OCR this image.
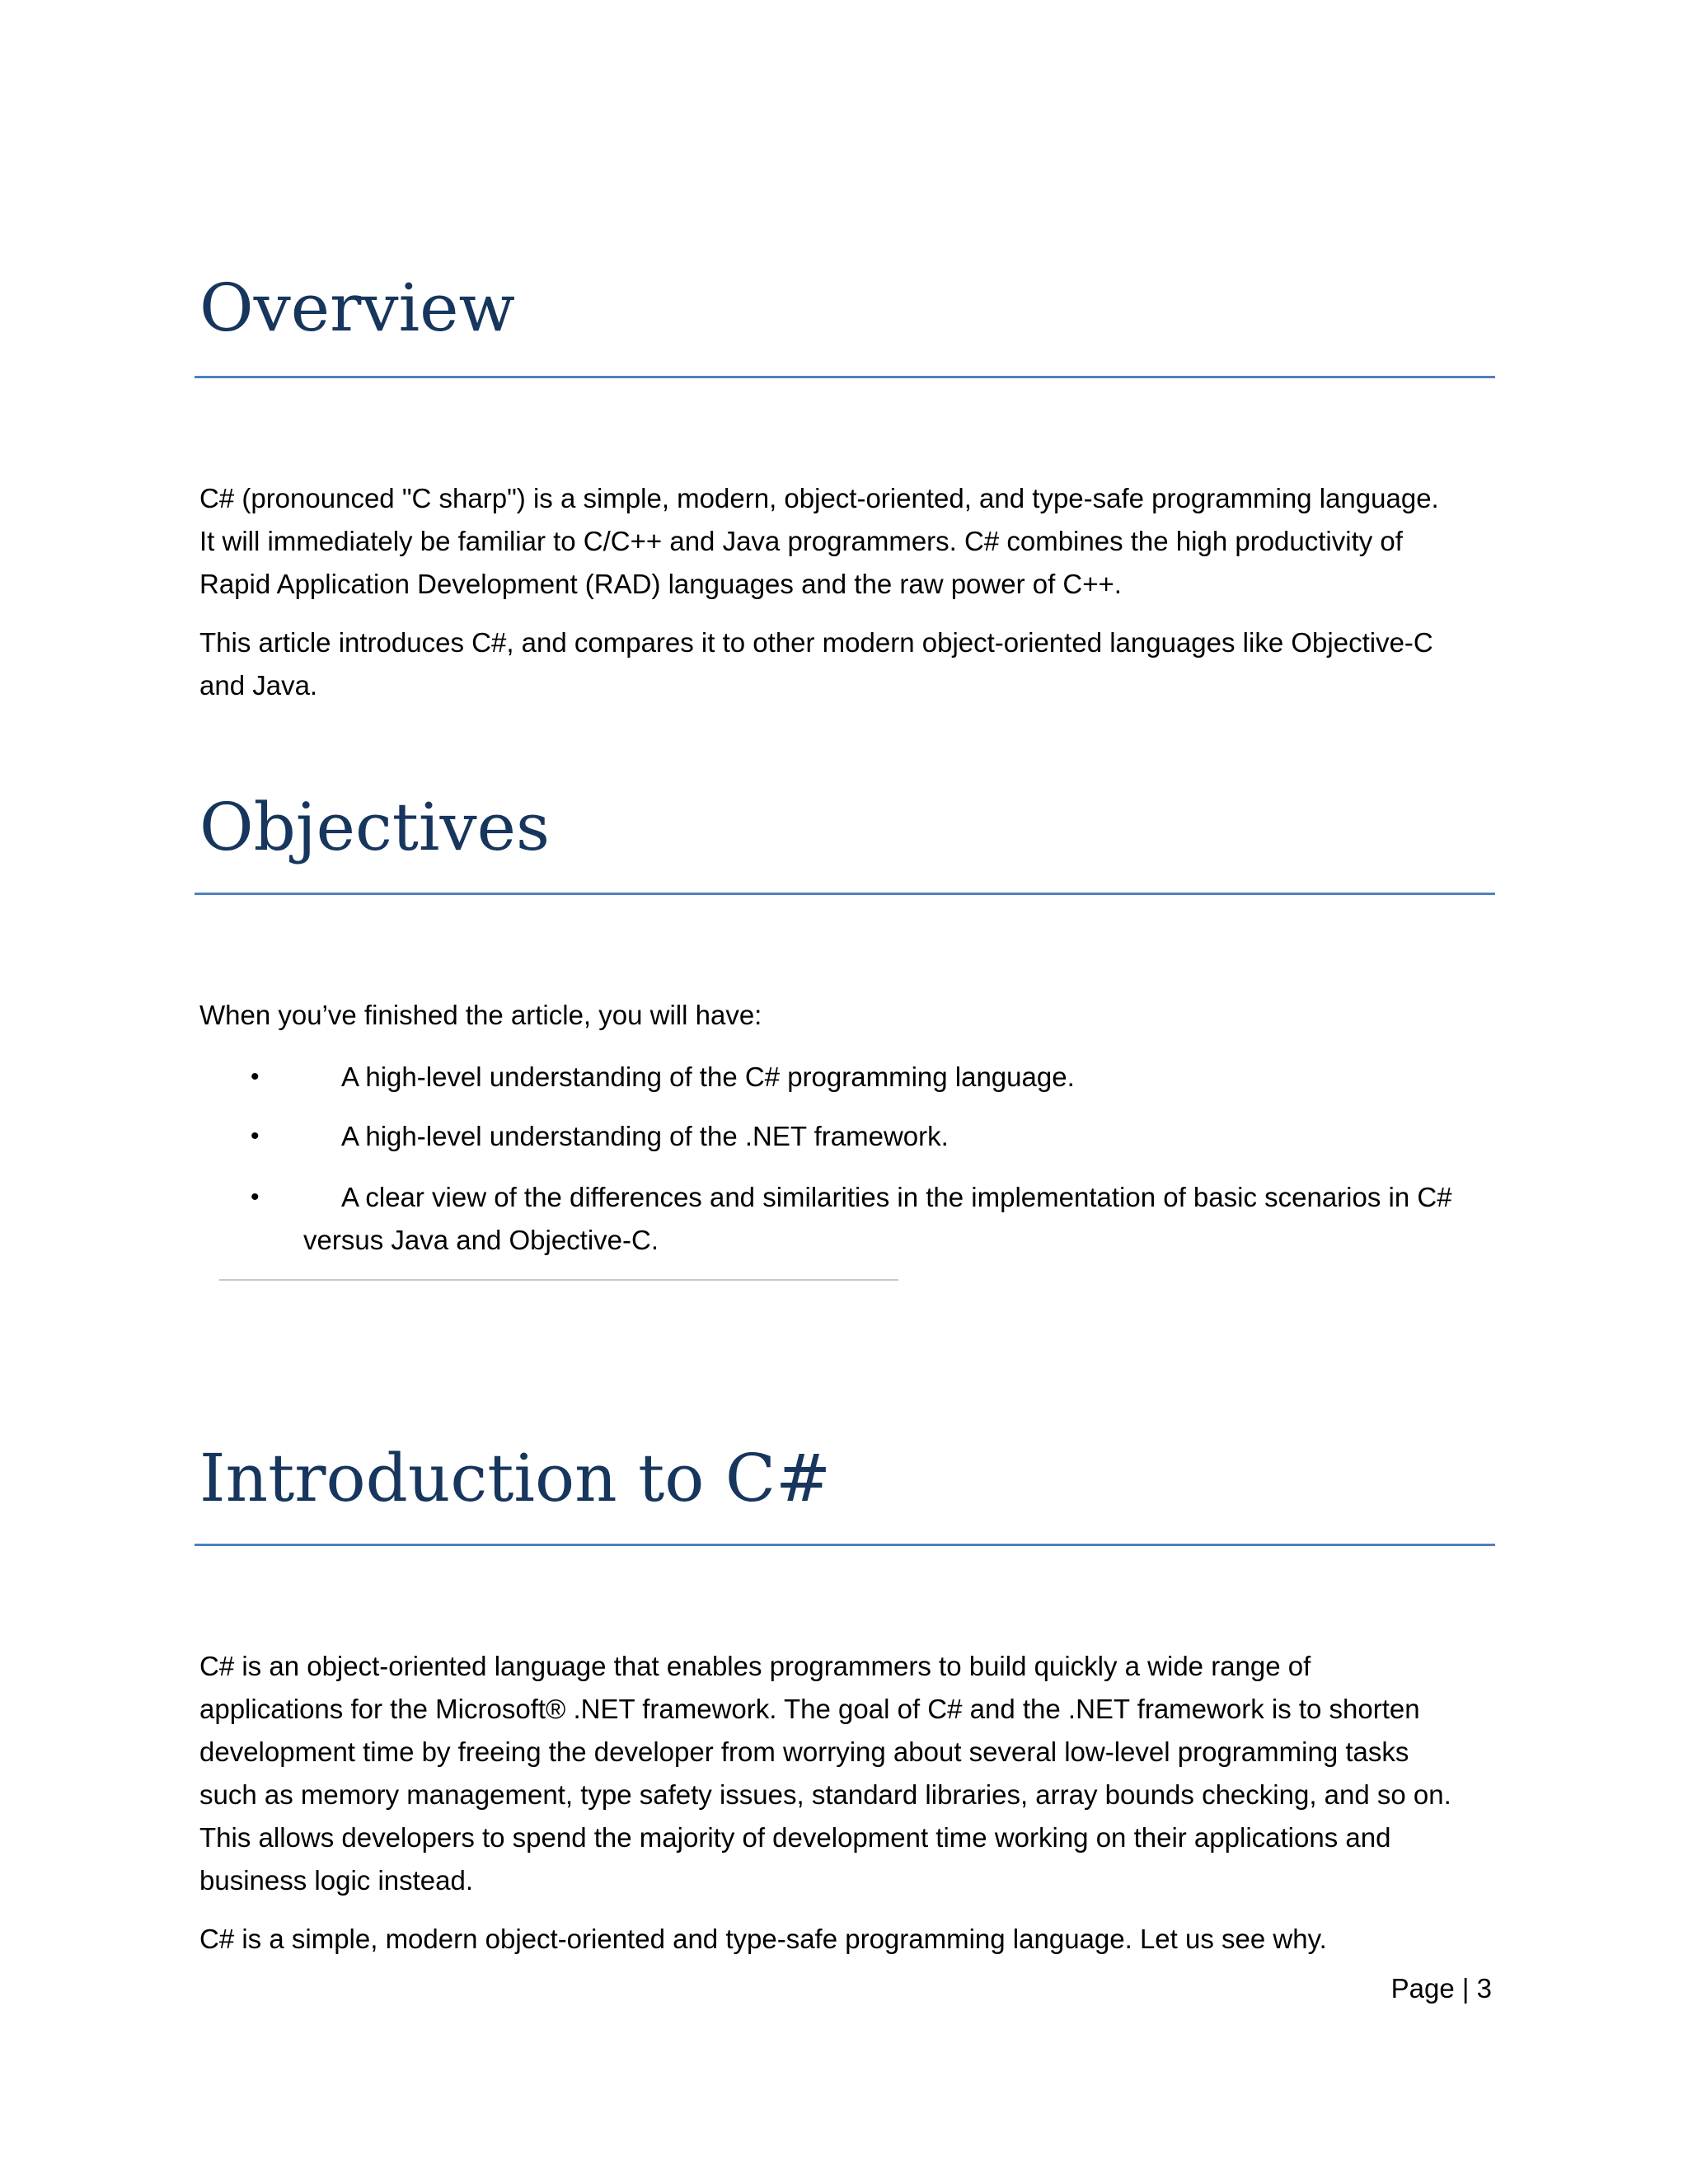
Overview
C# (pronounced "C sharp") is a simple, modern, object-oriented, and type-safe programming language.
It will immediately be familiar to C/C++ and Java programmers. C# combines the high productivity of
Rapid Application Development (RAD) languages and the raw power of C++.
This article introduces C#, and compares it to other modern object-oriented languages like Objective-C
and Java.
Objectives
When you’ve finished the article, you will have:
•	A high-level understanding of the C# programming language.
•	A high-level understanding of the .NET framework.
•	A clear view of the differences and similarities in the implementation of basic scenarios in C#
versus Java and Objective-C.
Introduction to C#
C# is an object-oriented language that enables programmers to build quickly a wide range of
applications for the Microsoft® .NET framework. The goal of C# and the .NET framework is to shorten
development time by freeing the developer from worrying about several low-level programming tasks
such as memory management, type safety issues, standard libraries, array bounds checking, and so on.
This allows developers to spend the majority of development time working on their applications and
business logic instead.
C# is a simple, modern object-oriented and type-safe programming language. Let us see why.
Page | 3
